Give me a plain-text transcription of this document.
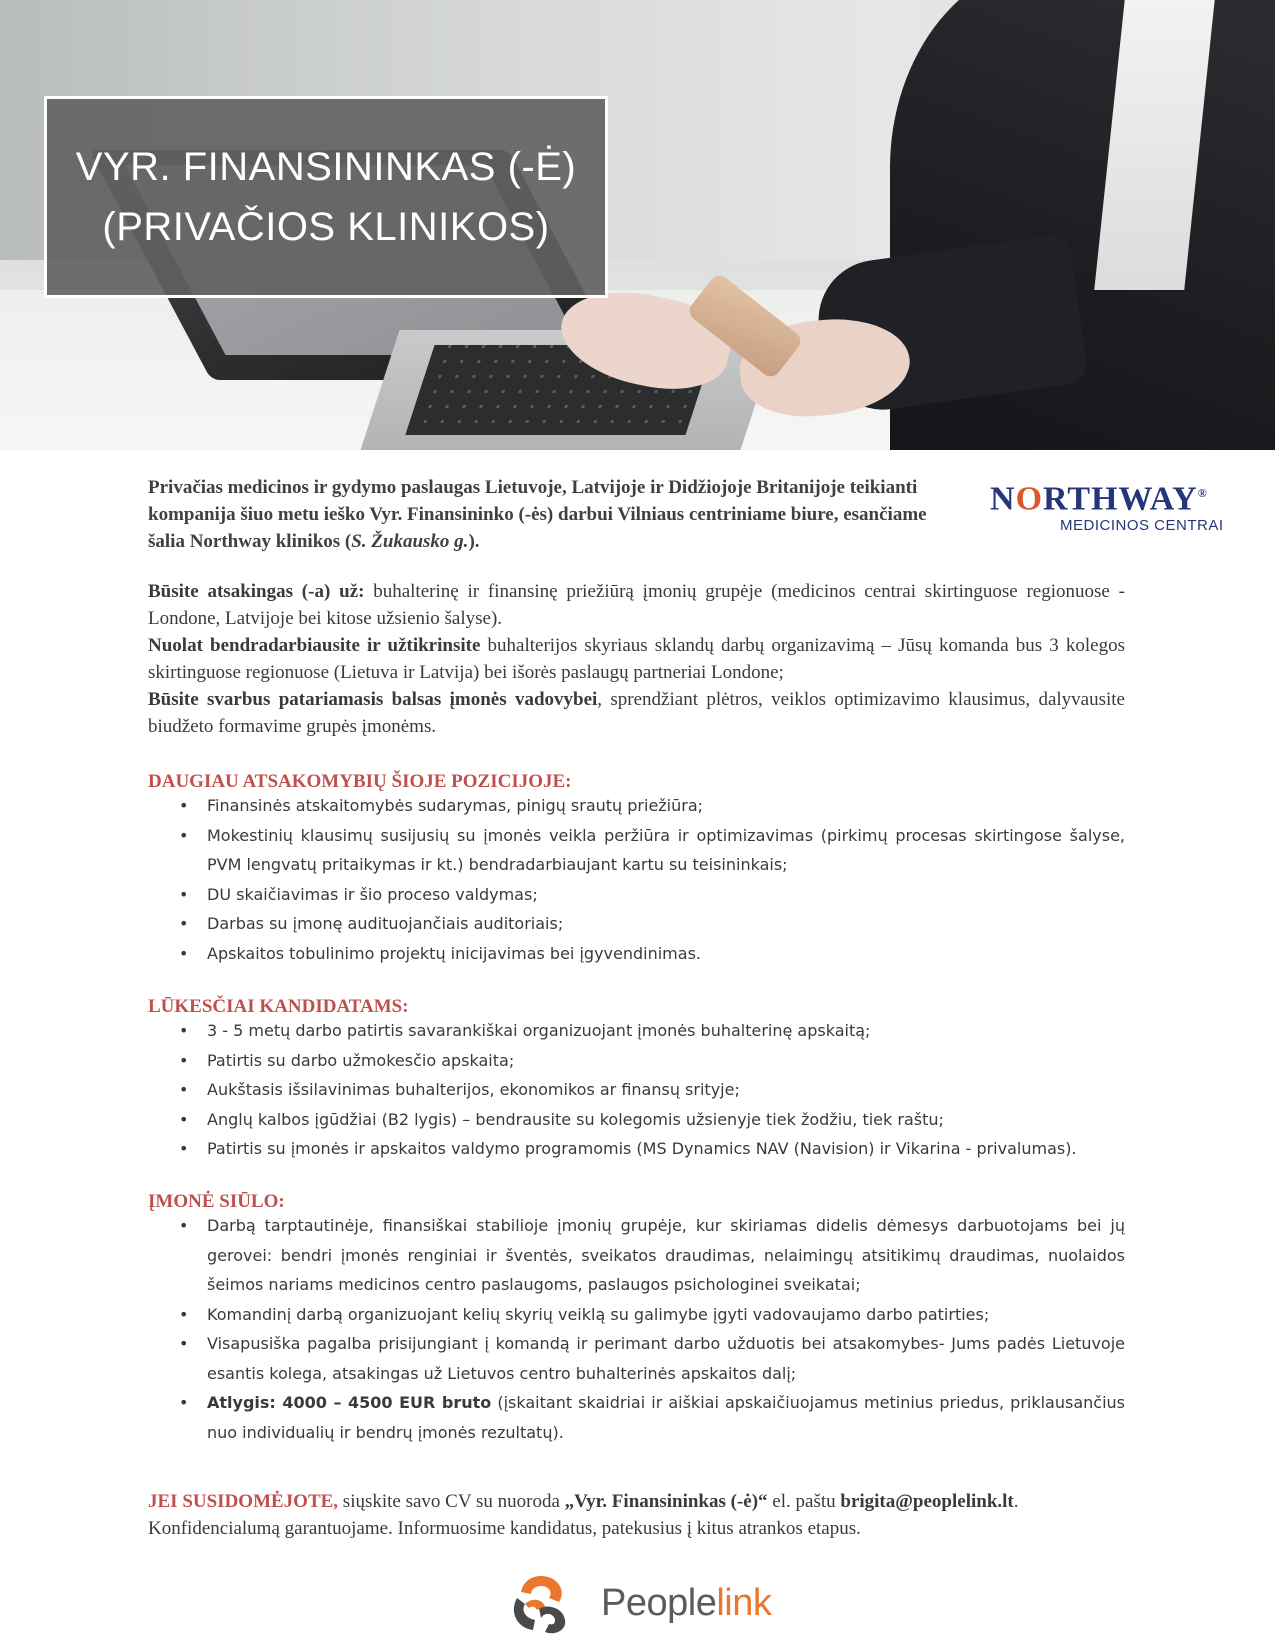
VYR. FINANSININKAS (-Ė)
(PRIVAČIOS KLINIKOS)
NORTHWAY®
MEDICINOS CENTRAI
Privačias medicinos ir gydymo paslaugas Lietuvoje, Latvijoje ir Didžiojoje Britanijoje teikianti kompanija šiuo metu ieško Vyr. Finansininko (-ės) darbui Vilniaus centriniame biure, esančiame šalia Northway klinikos (S. Žukausko g.).

Būsite atsakingas (-a) už: buhalterinę ir finansinę priežiūrą įmonių grupėje (medicinos centrai skirtinguose regionuose - Londone, Latvijoje bei kitose užsienio šalyse).

Nuolat bendradarbiausite ir užtikrinsite buhalterijos skyriaus sklandų darbų organizavimą – Jūsų komanda bus 3 kolegos skirtinguose regionuose (Lietuva ir Latvija) bei išorės paslaugų partneriai Londone;

Būsite svarbus patariamasis balsas įmonės vadovybei, sprendžiant plėtros, veiklos optimizavimo klausimus, dalyvausite biudžeto formavime grupės įmonėms.

DAUGIAU ATSAKOMYBIŲ ŠIOJE POZICIJOJE:
• Finansinės atskaitomybės sudarymas, pinigų srautų priežiūra;
• Mokestinių klausimų susijusių su įmonės veikla peržiūra ir optimizavimas (pirkimų procesas skirtingose šalyse, PVM lengvatų pritaikymas ir kt.) bendradarbiaujant kartu su teisininkais;
• DU skaičiavimas ir šio proceso valdymas;
• Darbas su įmonę audituojančiais auditoriais;
• Apskaitos tobulinimo projektų inicijavimas bei įgyvendinimas.
LŪKESČIAI KANDIDATAMS:
• 3 - 5 metų darbo patirtis savarankiškai organizuojant įmonės buhalterinę apskaitą;
• Patirtis su darbo užmokesčio apskaita;
• Aukštasis išsilavinimas buhalterijos, ekonomikos ar finansų srityje;
• Anglų kalbos įgūdžiai (B2 lygis) – bendrausite su kolegomis užsienyje tiek žodžiu, tiek raštu;
• Patirtis su įmonės ir apskaitos valdymo programomis (MS Dynamics NAV (Navision) ir Vikarina - privalumas).
ĮMONĖ SIŪLO:
• Darbą tarptautinėje, finansiškai stabilioje įmonių grupėje, kur skiriamas didelis dėmesys darbuotojams bei jų gerovei: bendri įmonės renginiai ir šventės, sveikatos draudimas, nelaimingų atsitikimų draudimas, nuolaidos šeimos nariams medicinos centro paslaugoms, paslaugos psichologinei sveikatai;
• Komandinį darbą organizuojant kelių skyrių veiklą su galimybe įgyti vadovaujamo darbo patirties;
• Visapusiška pagalba prisijungiant į komandą ir perimant darbo užduotis bei atsakomybes- Jums padės Lietuvoje esantis kolega, atsakingas už Lietuvos centro buhalterinės apskaitos dalį;
• Atlygis: 4000 – 4500 EUR bruto (įskaitant skaidriai ir aiškiai apskaičiuojamus metinius priedus, priklausančius nuo individualių ir bendrų įmonės rezultatų).
JEI SUSIDOMĖJOTE, siųskite savo CV su nuoroda „Vyr. Finansininkas (-ė)“ el. paštu brigita@peoplelink.lt. Konfidencialumą garantuojame. Informuosime kandidatus, patekusius į kitus atrankos etapus.
Peoplelink
